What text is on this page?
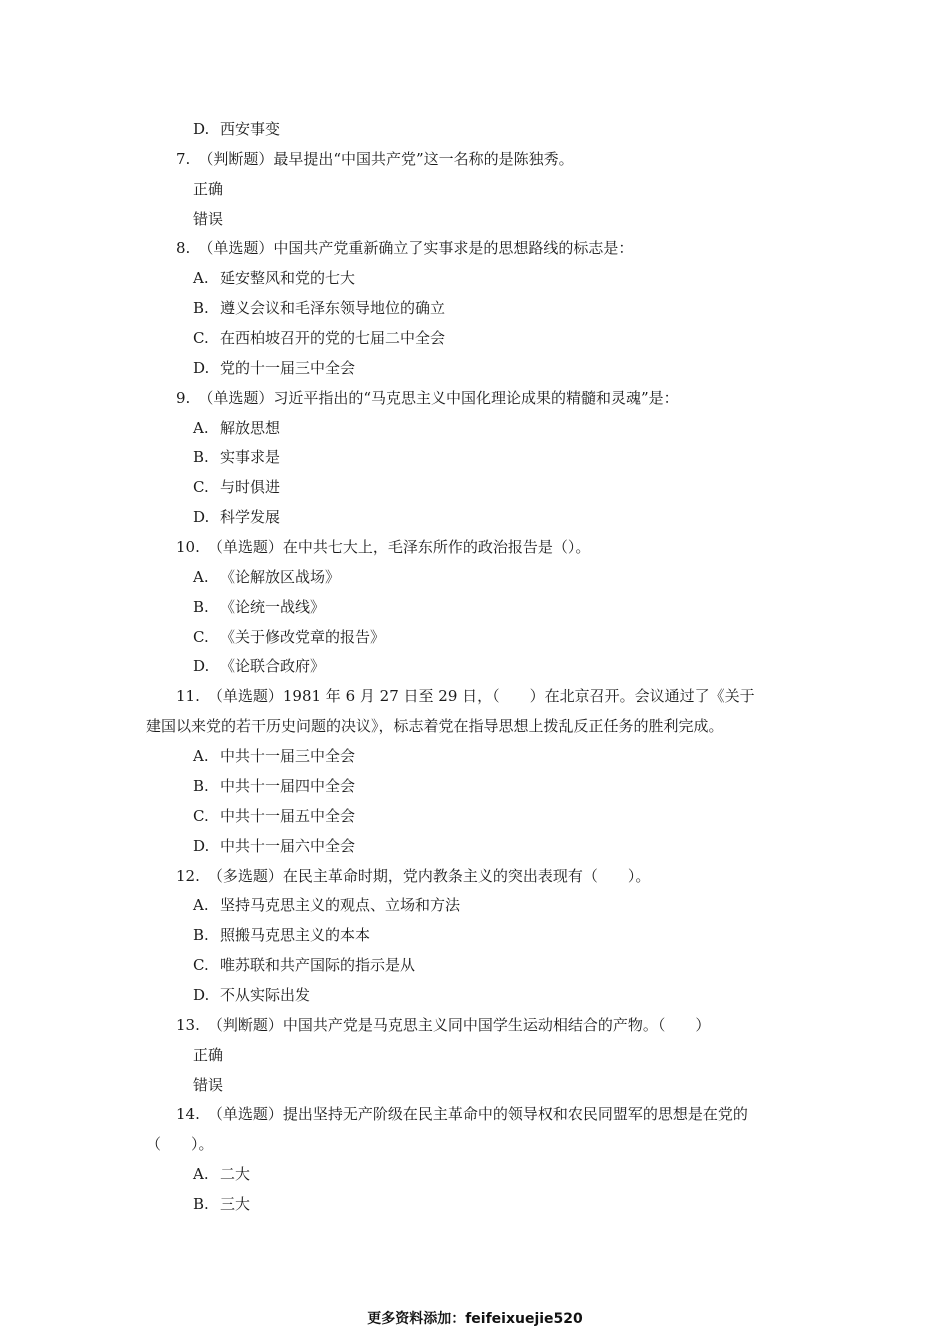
D. 西安事变
7. （判断题）最早提出“中国共产党”这一名称的是陈独秀。
正确
错误
8. （单选题）中国共产党重新确立了实事求是的思想路线的标志是：
A. 延安整风和党的七大
B. 遵义会议和毛泽东领导地位的确立
C. 在西柏坡召开的党的七届二中全会
D. 党的十一届三中全会
9. （单选题）习近平指出的“马克思主义中国化理论成果的精髓和灵魂”是：
A. 解放思想
B. 实事求是
C. 与时俱进
D. 科学发展
10. （单选题）在中共七大上，毛泽东所作的政治报告是（）。
A. 《论解放区战场》
B. 《论统一战线》
C. 《关于修改党章的报告》
D. 《论联合政府》
11. （单选题）1981 年 6 月 27 日至 29 日，（　　）在北京召开。会议通过了《关于
建国以来党的若干历史问题的决议》，标志着党在指导思想上拨乱反正任务的胜利完成。
A. 中共十一届三中全会
B. 中共十一届四中全会
C. 中共十一届五中全会
D. 中共十一届六中全会
12. （多选题）在民主革命时期，党内教条主义的突出表现有（　　）。
A. 坚持马克思主义的观点、立场和方法
B. 照搬马克思主义的本本
C. 唯苏联和共产国际的指示是从
D. 不从实际出发
13. （判断题）中国共产党是马克思主义同中国学生运动相结合的产物。（　　）
正确
错误
14. （单选题）提出坚持无产阶级在民主革命中的领导权和农民同盟军的思想是在党的
（　　）。
A. 二大
B. 三大
更多资料添加：feifeixuejie520
